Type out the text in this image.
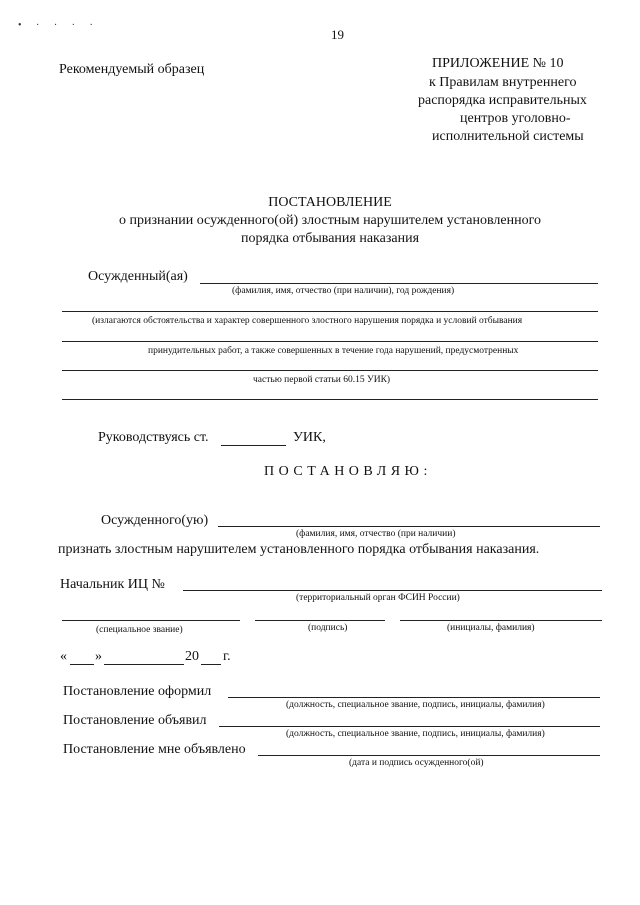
• · · · ·
19
Рекомендуемый образец	ПРИЛОЖЕНИЕ № 10
к Правилам внутреннего
распорядка исправительных
центров уголовно-
исполнительной системы
ПОСТАНОВЛЕНИЕ
о признании осужденного(ой) злостным нарушителем установленного
порядка отбывания наказания
Осужденный(ая)
(фамилия, имя, отчество (при наличии), год рождения)
(излагаются обстоятельства и характер совершенного злостного нарушения порядка и условий отбывания
принудительных работ, а также совершенных в течение года нарушений, предусмотренных
частью первой статьи 60.15 УИК)
Руководствуясь ст.	УИК,
ПОСТАНОВЛЯЮ:
Осужденного(ую)
(фамилия, имя, отчество (при наличии)
признать злостным нарушителем установленного порядка отбывания наказания.
Начальник ИЦ №
(территориальный орган ФСИН России)
(специальное звание)	(подпись)	(инициалы, фамилия)
« »	20 г.
Постановление оформил
(должность, специальное звание, подпись, инициалы, фамилия)
Постановление объявил
(должность, специальное звание, подпись, инициалы, фамилия)
Постановление мне объявлено
(дата и подпись осужденного(ой)
